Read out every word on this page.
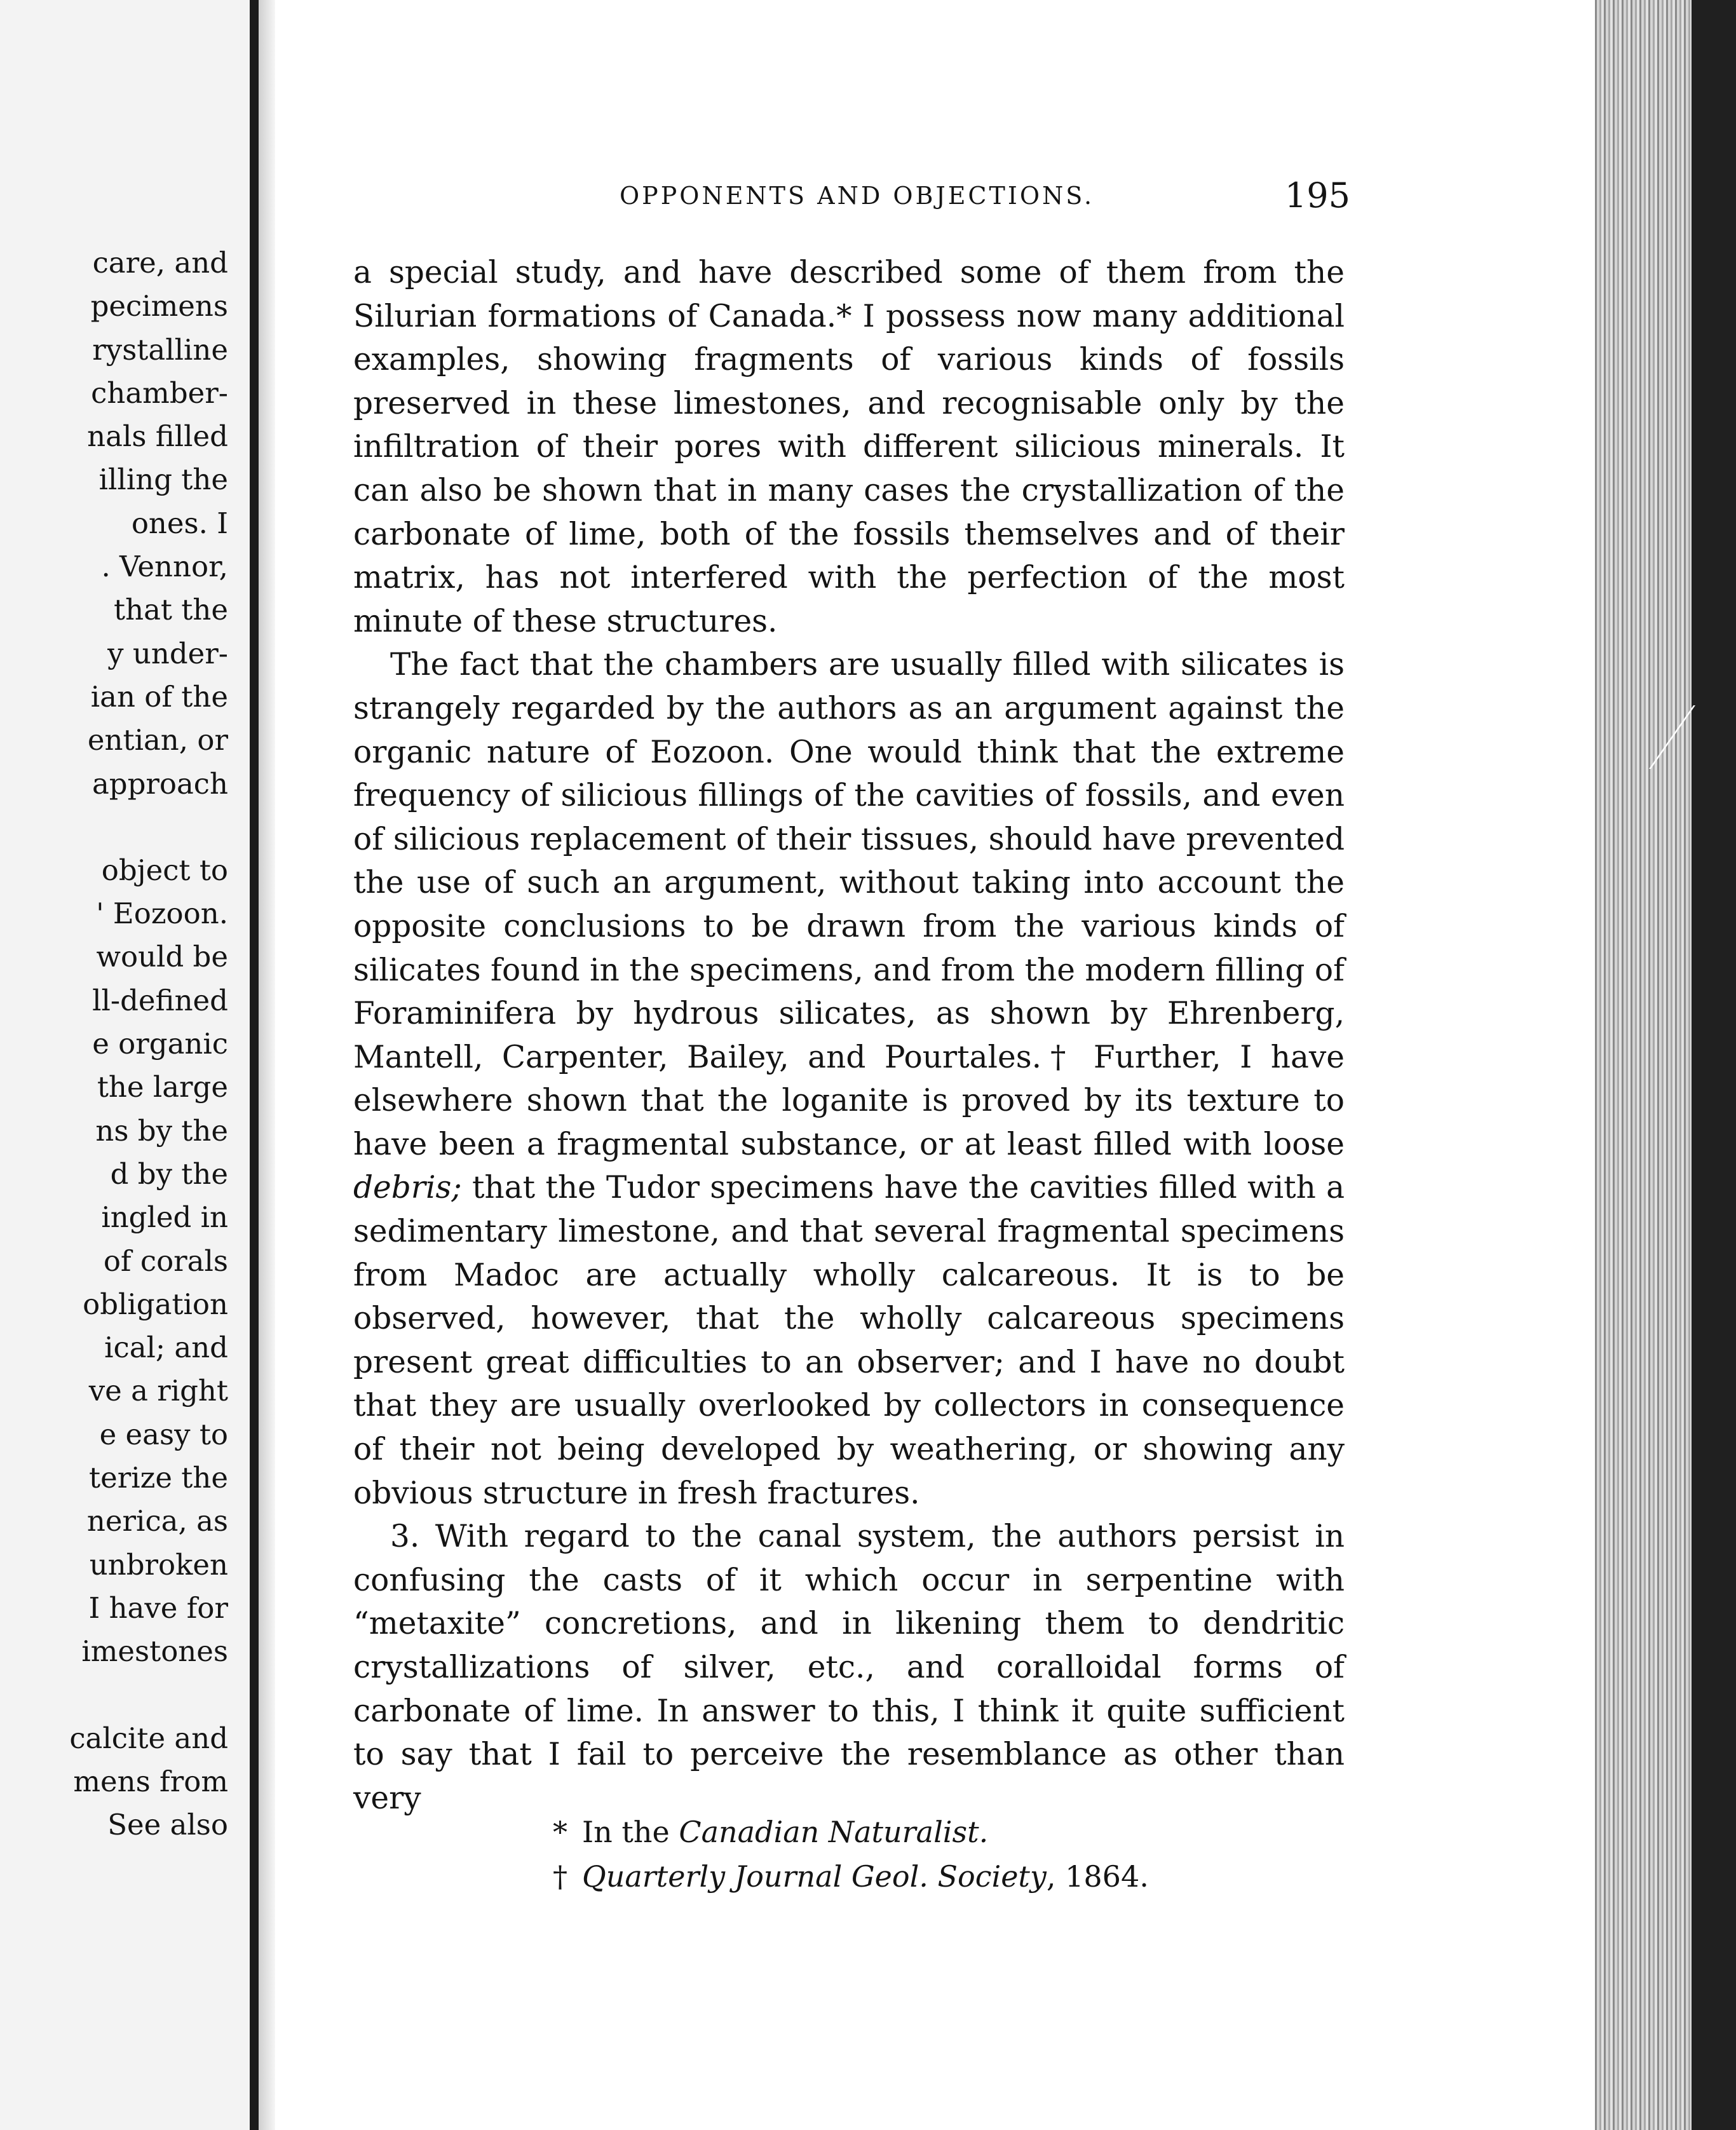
care, and
pecimens
rystalline
chamber-
nals filled
illing the
ones. I
. Vennor,
that the
y under-
ian of the
entian, or
approach
object to
' Eozoon.
would be
ll-defined
e organic
the large
ns by the
d by the
ingled in
of corals
obligation
ical; and
ve a right
e easy to
terize the
nerica, as
unbroken
I have for
imestones
calcite and
mens from
See also
OPPONENTS AND OBJECTIONS.	195

a special study, and have described some of them from the Silurian formations of Canada.* I possess now many additional examples, showing fragments of various kinds of fossils preserved in these limestones, and recognisable only by the infiltration of their pores with different silicious minerals. It can also be shown that in many cases the crystallization of the carbonate of lime, both of the fossils themselves and of their matrix, has not interfered with the perfection of the most minute of these structures.

The fact that the chambers are usually filled with silicates is strangely regarded by the authors as an argument against the organic nature of Eozoon. One would think that the extreme frequency of silicious fillings of the cavities of fossils, and even of silicious replacement of their tissues, should have prevented the use of such an argument, without taking into account the opposite conclusions to be drawn from the various kinds of silicates found in the specimens, and from the modern filling of Foraminifera by hydrous silicates, as shown by Ehrenberg, Mantell, Carpenter, Bailey, and Pourtales.† Further, I have elsewhere shown that the loganite is proved by its texture to have been a fragmental substance, or at least filled with loose debris; that the Tudor specimens have the cavities filled with a sedimentary limestone, and that several fragmental specimens from Madoc are actually wholly calcareous. It is to be observed, however, that the wholly calcareous specimens present great difficulties to an observer; and I have no doubt that they are usually overlooked by collectors in consequence of their not being developed by weathering, or showing any obvious structure in fresh fractures.

3. With regard to the canal system, the authors persist in confusing the casts of it which occur in serpentine with “metaxite” concretions, and in likening them to dendritic crystallizations of silver, etc., and coralloidal forms of carbonate of lime. In answer to this, I think it quite sufficient to say that I fail to perceive the resemblance as other than very

* In the Canadian Naturalist.
† Quarterly Journal Geol. Society, 1864.
